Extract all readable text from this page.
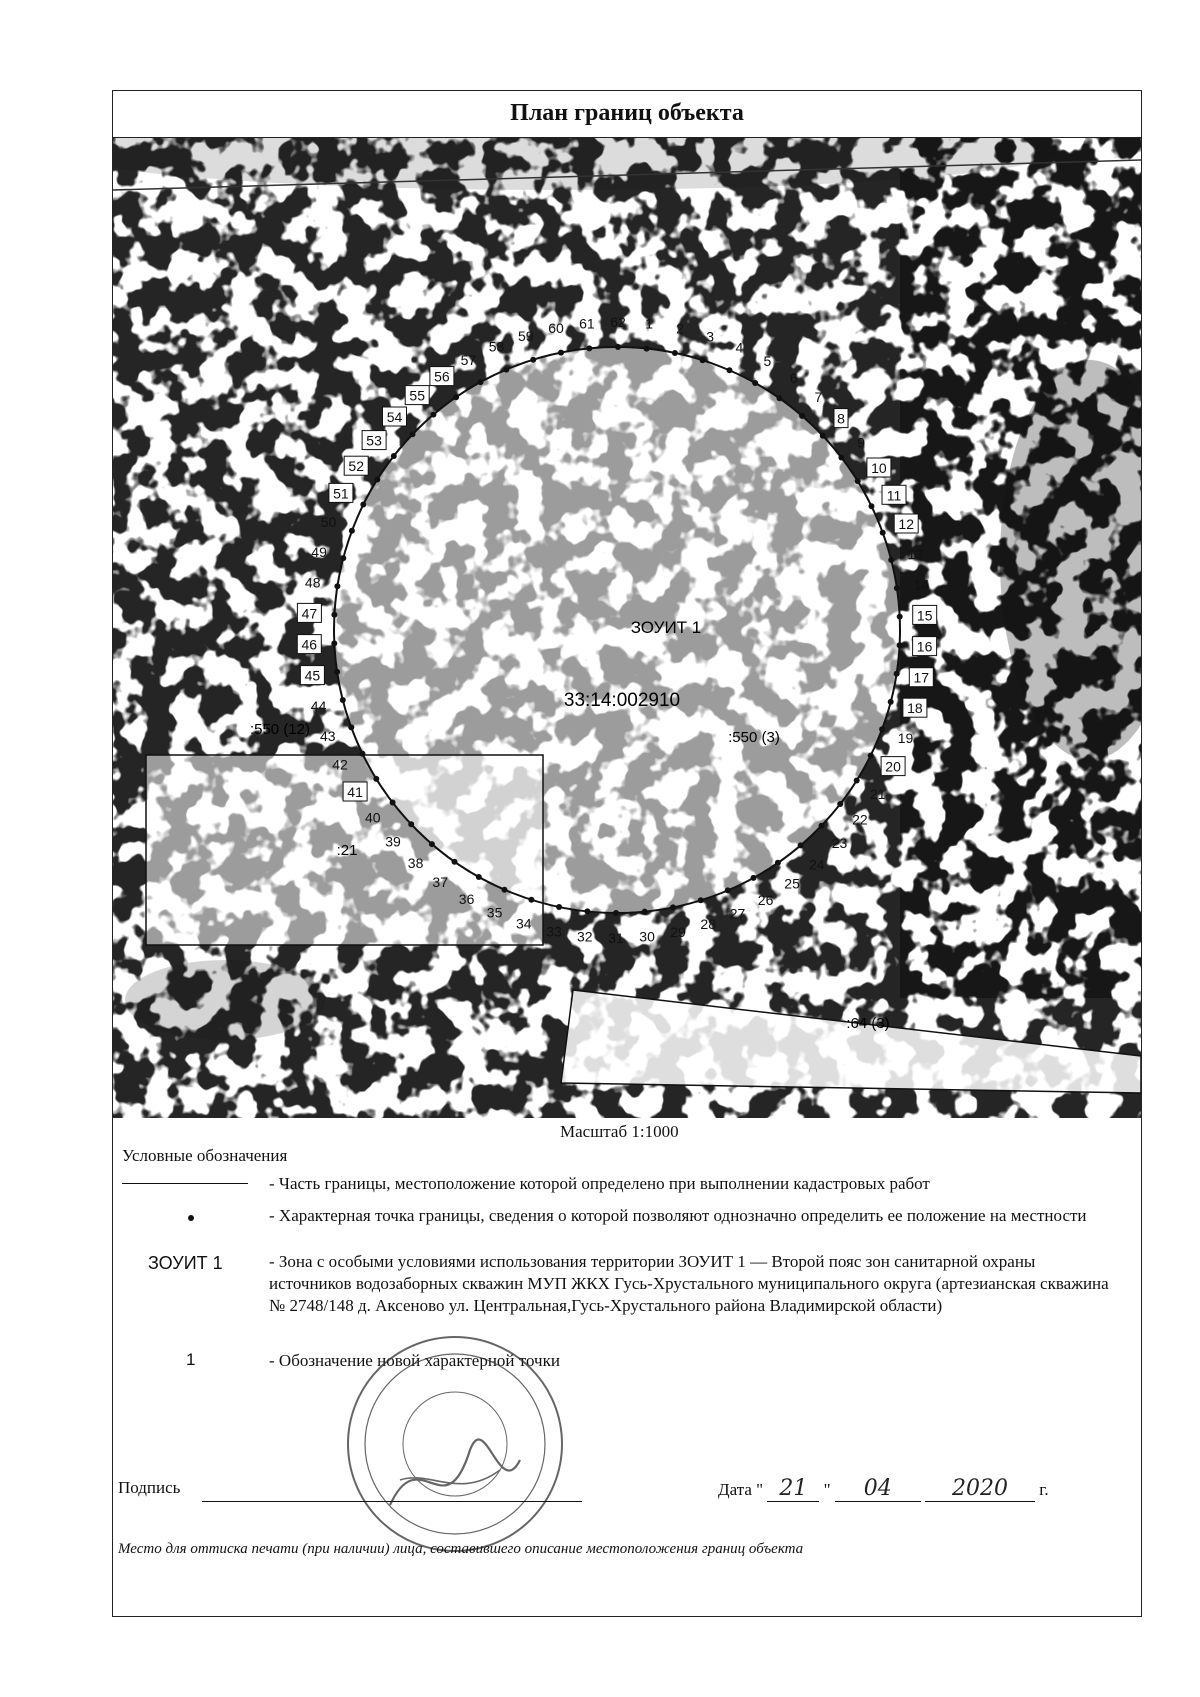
План границ объекта
1 2 3
4
5
6
7
8
9
10
11
12
13
14
15
16
17
18
19
20
21
22
23
24
25
26
27
28
29
30
31
32
33
34
35
36
37
38
39
40
41
42
43
44
45
46
47
48
49
50
51
52
53
54
55
56
57
58
59 60 61 62
ЗОУИТ 1
33:14:002910
:550 (12)	:550 (3)
:21
:64 (3)
Масштаб 1:1000
Условные обозначения
- Часть границы, местоположение которой определено при выполнении кадастровых работ
- Характерная точка границы, сведения о которой позволяют однозначно определить ее положение на местности
ЗОУИТ 1	- Зона с особыми условиями использования территории ЗОУИТ 1 — Второй пояс зон санитарной охраны источников водозаборных скважин МУП ЖКХ Гусь-Хрустального муниципального округа (артезианская скважина № 2748/148 д. Аксеново ул. Центральная,Гусь-Хрустального района Владимирской области)
1	- Обозначение новой характерной точки
Подпись	Дата " 21 " 04	2020 г.
Место для оттиска печати (при наличии) лица, составившего описание местоположения границ объекта
